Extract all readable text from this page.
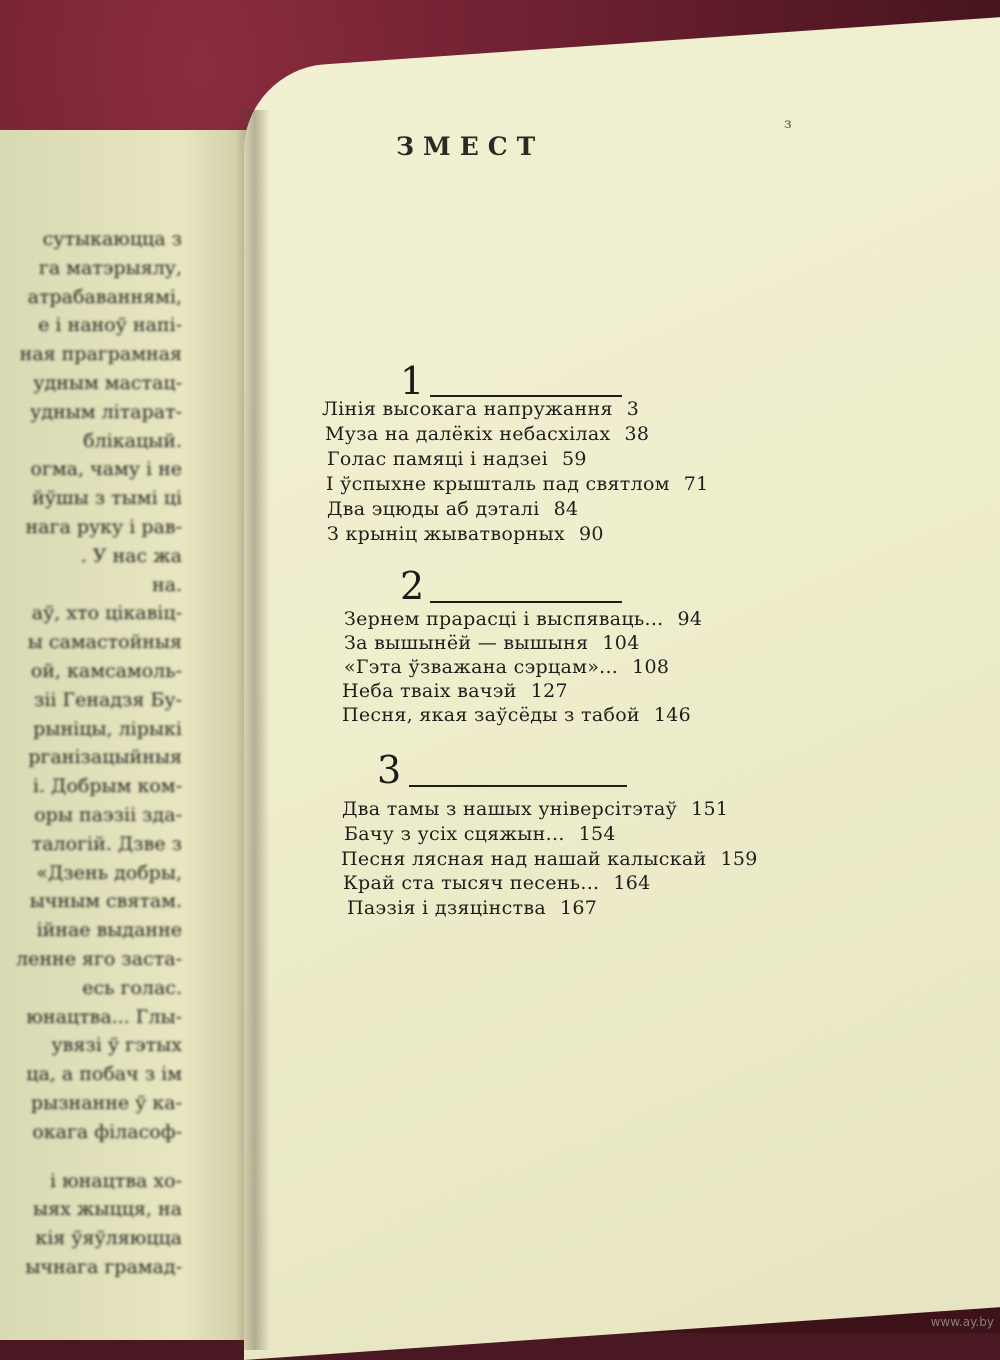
сутыкаюцца з
га матэрыялу,
атрабаваннямі,
е і наноў напі-
ная праграмная
удным мастац-
удным літарат-
блікацый.
огма, чаму і не
йўшы з тымі ці
нага руку і рав-
. У нас жа
на.
аў, хто цікавіц-
ы самастойныя
ой, камсамоль-
зіі Генадзя Бу-
рыніцы, лірыкі
рганізацыйныя
і. Добрым ком-
оры паэзіі зда-
талогій. Дзве з
«Дзень добры,
ычным святам.
ійнае выданне
ленне яго заста-
есь голас.
юнацтва... Глы-
увязі ў гэтых
ца, а побач з ім
рызнанне ў ка-
окага філасоф-
і юнацтва хо-
ыях жыцця, на
кія ўяўляюцца
ычнага грамад-
з
ЗМЕСТ
1
Лінія высокага напружання 3
Муза на далёкіх небасхілах 38
Голас памяці і надзеі 59
І ўспыхне крышталь пад святлом 71
Два эцюды аб дэталі 84
З крыніц жыватворных 90
2
Зернем прарасці і выспяваць... 94
За вышынёй — вышыня 104
«Гэта ўзважана сэрцам»... 108
Неба тваіх вачэй 127
Песня, якая заўсёды з табой 146
3
Два тамы з нашых універсітэтаў 151
Бачу з усіх сцяжын... 154
Песня лясная над нашай калыскай 159
Край ста тысяч песень... 164
Паэзія і дзяцінства 167
www.ay.by
